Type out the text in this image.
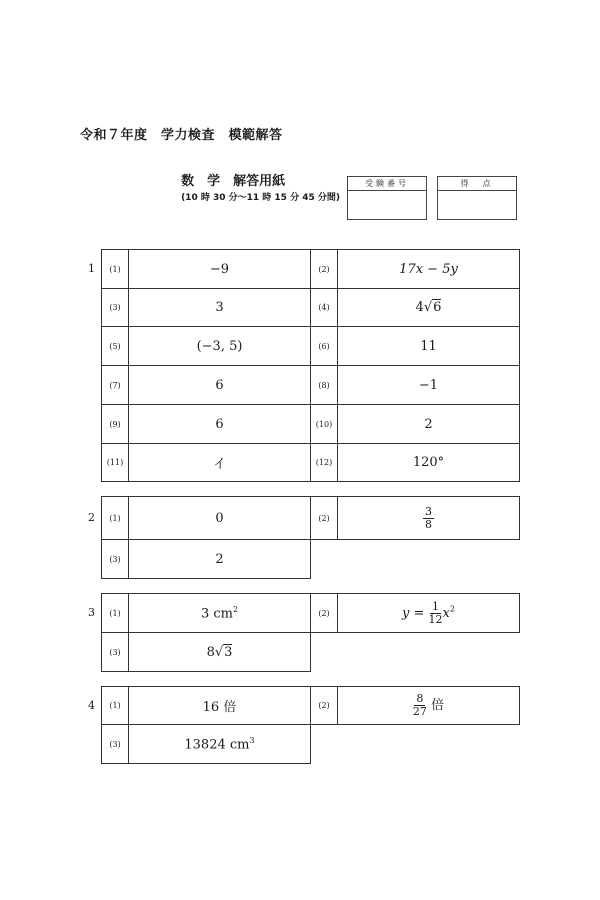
令和７年度　学力検査　模範解答

数　学　解答用紙
(10 時 30 分～11 時 15 分 45 分間)

受験番号	得　点
1 (1)	−9	(2)	17x − 5y
(3)	3	(4)	4√6
(5)	(−3, 5)	(6)	11
(7)	6	(8)	−1
(9)	6	(10)	2
(11)	イ	(12)	120°
2 (1)	0	(2)	$\frac{3}{8}$

(3)	2		
3 (1)	3 $cm^2$	(2)	$y = \frac{1}{12} x^2$
(3)	8√3		
4 (1)	16 倍	(2)	$\frac{8}{27}$ 倍
(3)	13824 $cm^3$	
